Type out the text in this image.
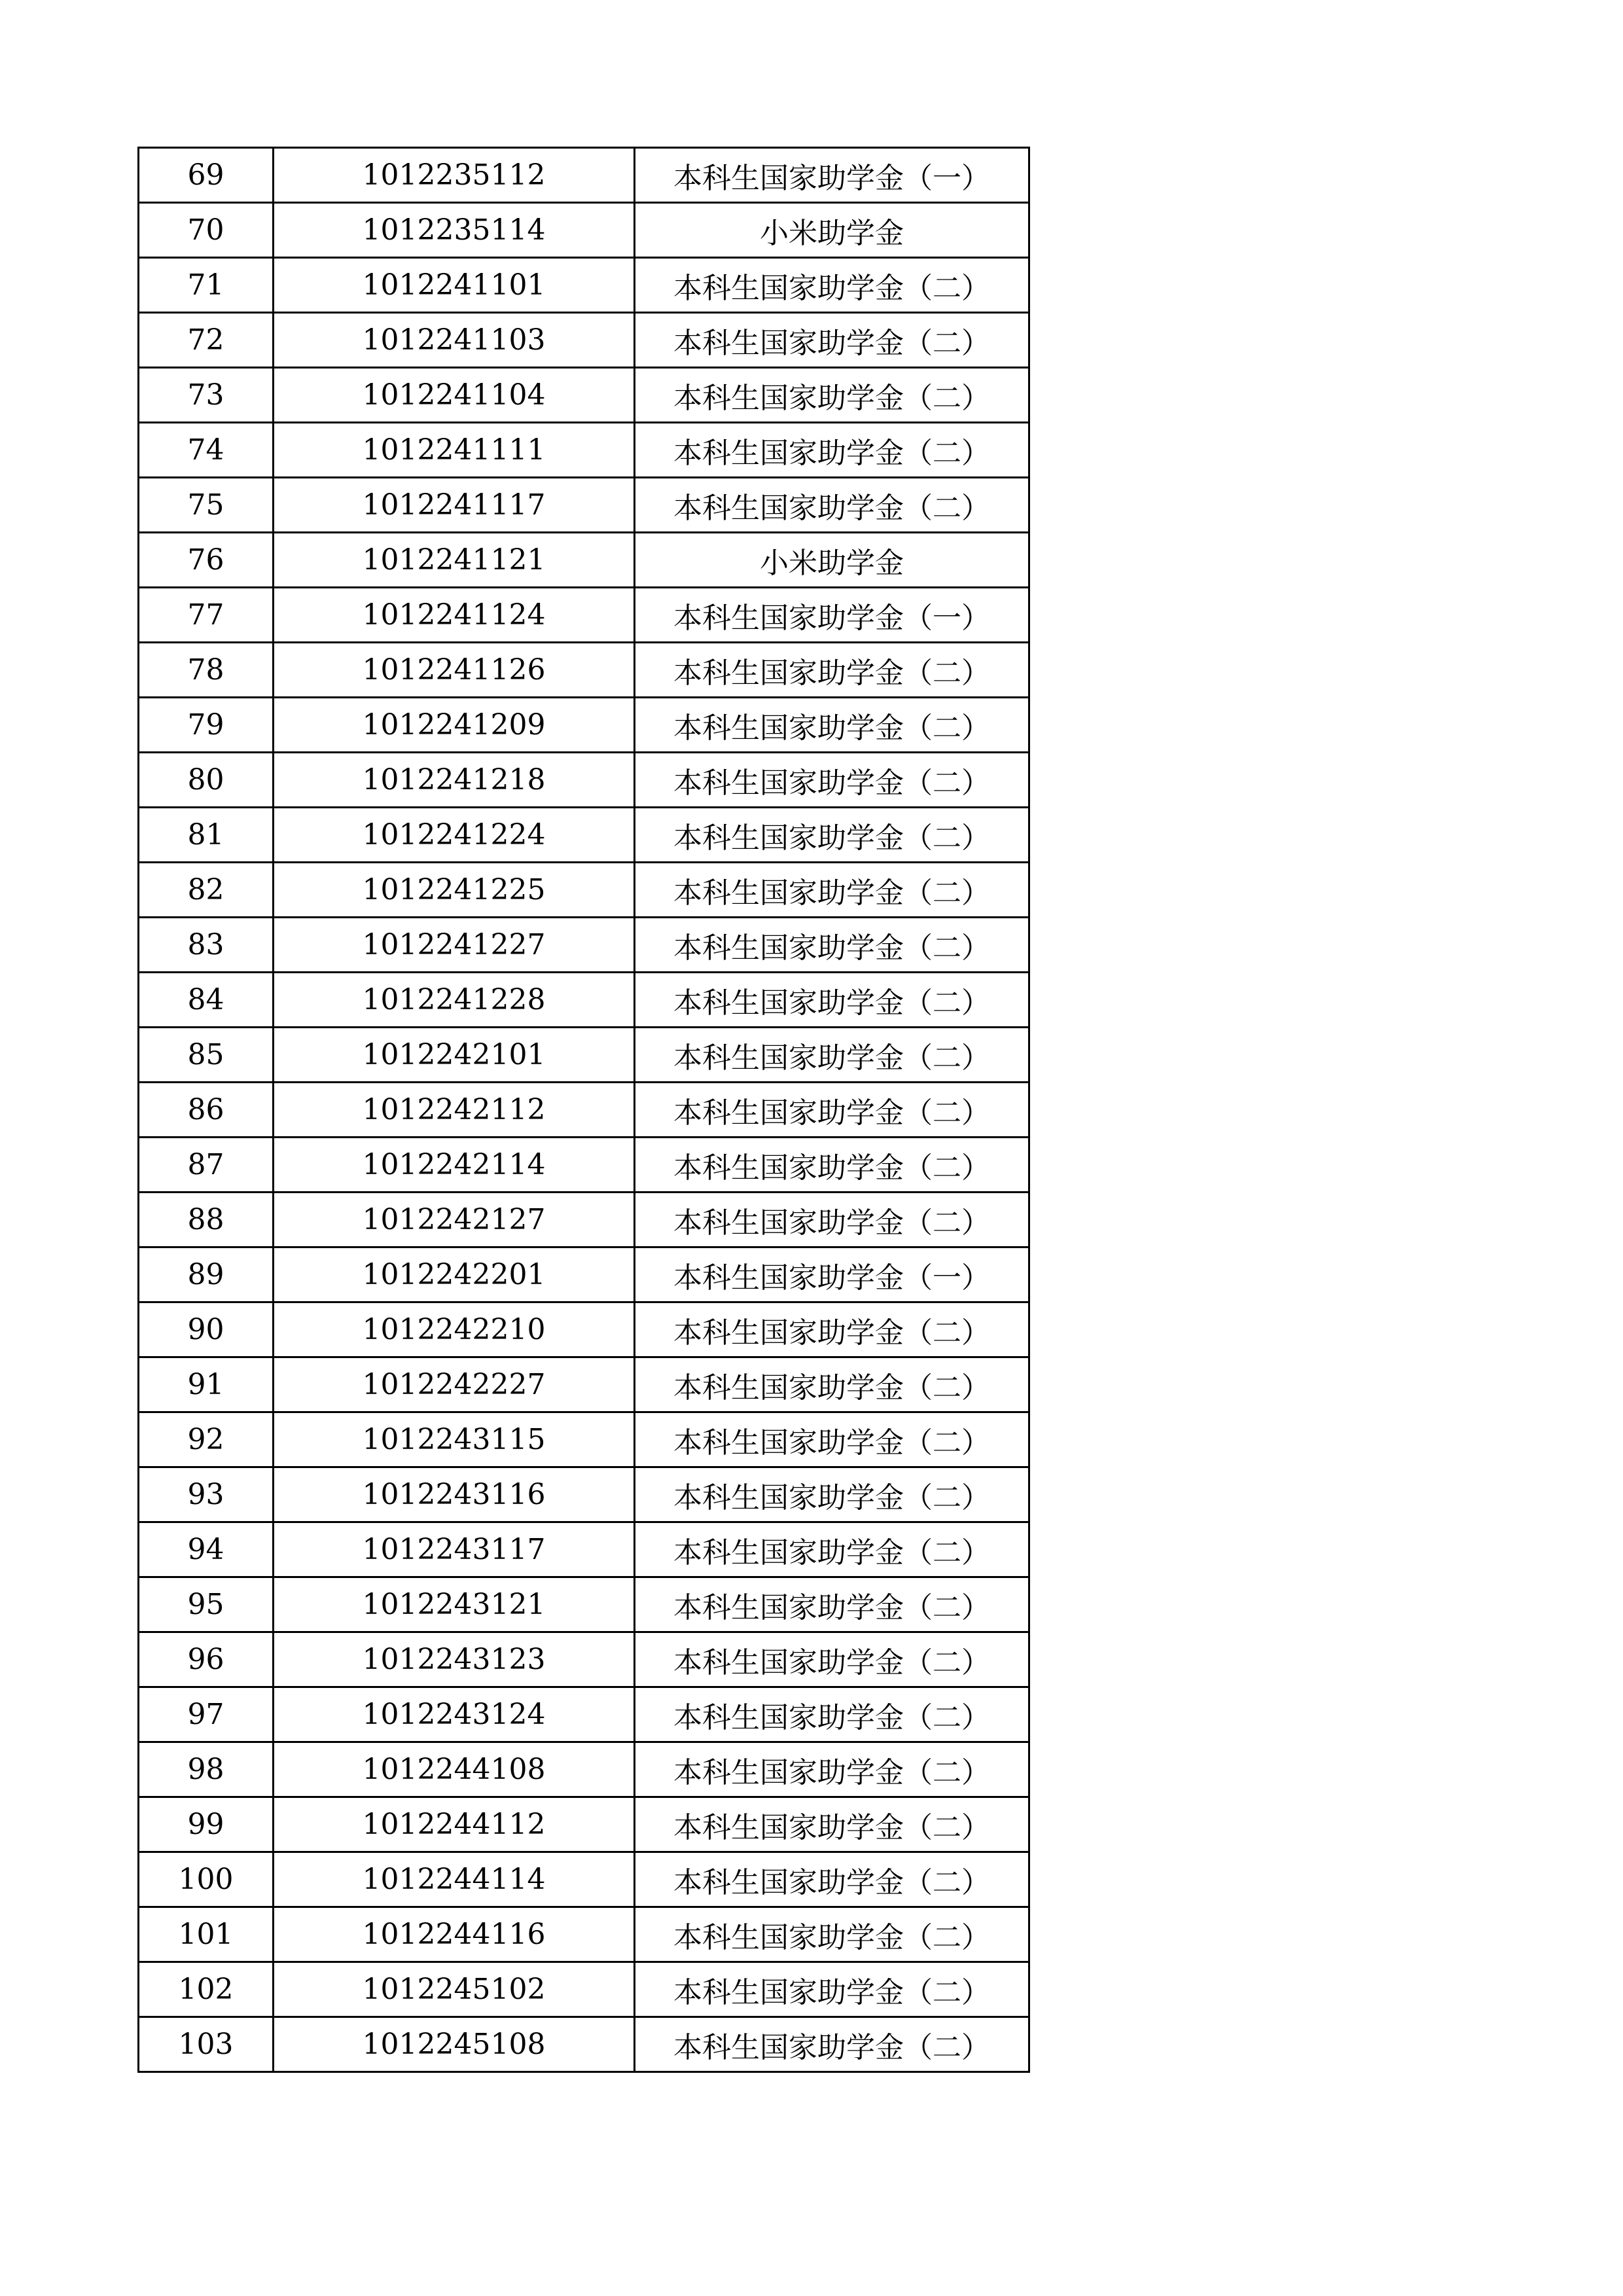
69	1012235112	本科生国家助学金（一）
70	1012235114	小米助学金
71	1012241101	本科生国家助学金（二）
72	1012241103	本科生国家助学金（二）
73	1012241104	本科生国家助学金（二）
74	1012241111	本科生国家助学金（二）
75	1012241117	本科生国家助学金（二）
76	1012241121	小米助学金
77	1012241124	本科生国家助学金（一）
78	1012241126	本科生国家助学金（二）
79	1012241209	本科生国家助学金（二）
80	1012241218	本科生国家助学金（二）
81	1012241224	本科生国家助学金（二）
82	1012241225	本科生国家助学金（二）
83	1012241227	本科生国家助学金（二）
84	1012241228	本科生国家助学金（二）
85	1012242101	本科生国家助学金（二）
86	1012242112	本科生国家助学金（二）
87	1012242114	本科生国家助学金（二）
88	1012242127	本科生国家助学金（二）
89	1012242201	本科生国家助学金（一）
90	1012242210	本科生国家助学金（二）
91	1012242227	本科生国家助学金（二）
92	1012243115	本科生国家助学金（二）
93	1012243116	本科生国家助学金（二）
94	1012243117	本科生国家助学金（二）
95	1012243121	本科生国家助学金（二）
96	1012243123	本科生国家助学金（二）
97	1012243124	本科生国家助学金（二）
98	1012244108	本科生国家助学金（二）
99	1012244112	本科生国家助学金（二）
100	1012244114	本科生国家助学金（二）
101	1012244116	本科生国家助学金（二）
102	1012245102	本科生国家助学金（二）
103	1012245108	本科生国家助学金（二）
